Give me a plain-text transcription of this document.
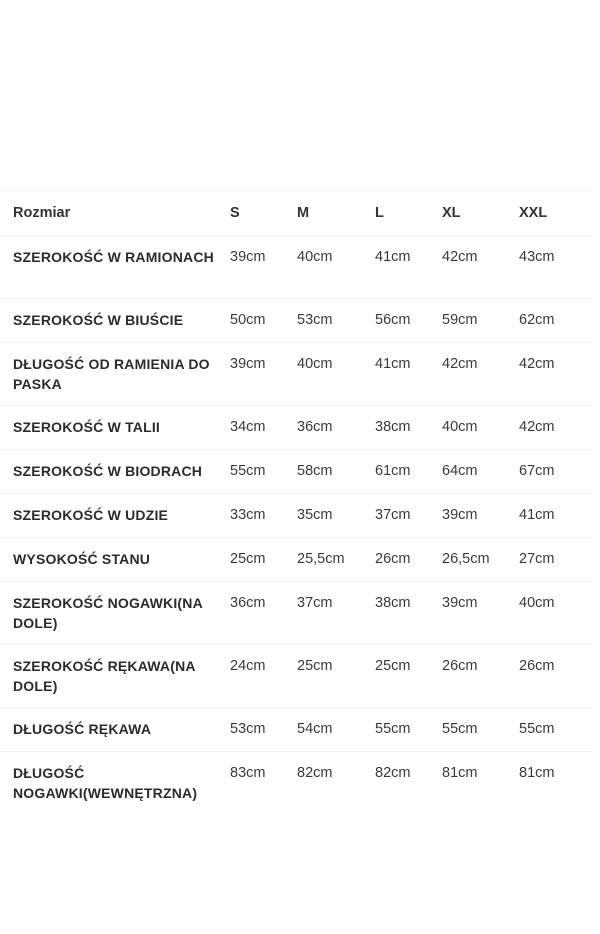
Rozmiar	S	M	L	XL	XXL
SZEROKOŚĆ W RAMIONACH	39cm	40cm	41cm	42cm	43cm
SZEROKOŚĆ W BIUŚCIE	50cm	53cm	56cm	59cm	62cm
DŁUGOŚĆ OD RAMIENIA DO PASKA	39cm	40cm	41cm	42cm	42cm
SZEROKOŚĆ W TALII	34cm	36cm	38cm	40cm	42cm
SZEROKOŚĆ W BIODRACH	55cm	58cm	61cm	64cm	67cm
SZEROKOŚĆ W UDZIE	33cm	35cm	37cm	39cm	41cm
WYSOKOŚĆ STANU	25cm	25,5cm	26cm	26,5cm	27cm
SZEROKOŚĆ NOGAWKI(NA DOLE)	36cm	37cm	38cm	39cm	40cm
SZEROKOŚĆ RĘKAWA(NA DOLE)	24cm	25cm	25cm	26cm	26cm
DŁUGOŚĆ RĘKAWA	53cm	54cm	55cm	55cm	55cm
DŁUGOŚĆ NOGAWKI(WEWNĘTRZNA)	83cm	82cm	82cm	81cm	81cm
